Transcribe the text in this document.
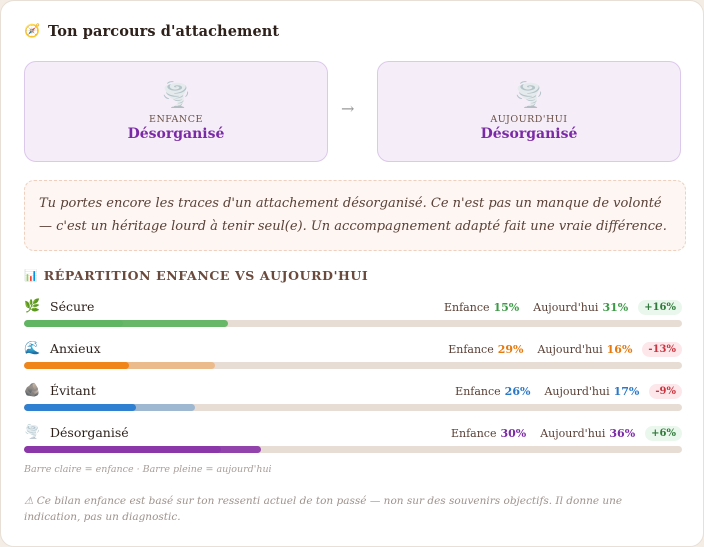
🧭 Ton parcours d'attachement
🌪️
ENFANCE
Désorganisé
→	🌪️
AUJOURD'HUI
Désorganisé

Tu portes encore les traces d'un attachement désorganisé. Ce n'est pas un manque de volonté — c'est un héritage lourd à tenir seul(e). Un accompagnement adapté fait une vraie différence.

📊 RÉPARTITION ENFANCE VS AUJOURD'HUI
🌿 Sécure	Enfance 15% Aujourd'hui 31%	+16%
🌊 Anxieux	Enfance 29% Aujourd'hui 16%	-13%
🪨 Évitant	Enfance 26% Aujourd'hui 17%	-9%
🌪️ Désorganisé	Enfance 30% Aujourd'hui 36%	+6%
Barre claire = enfance · Barre pleine = aujourd'hui
⚠ Ce bilan enfance est basé sur ton ressenti actuel de ton passé — non sur des souvenirs objectifs. Il donne une indication, pas un diagnostic.
